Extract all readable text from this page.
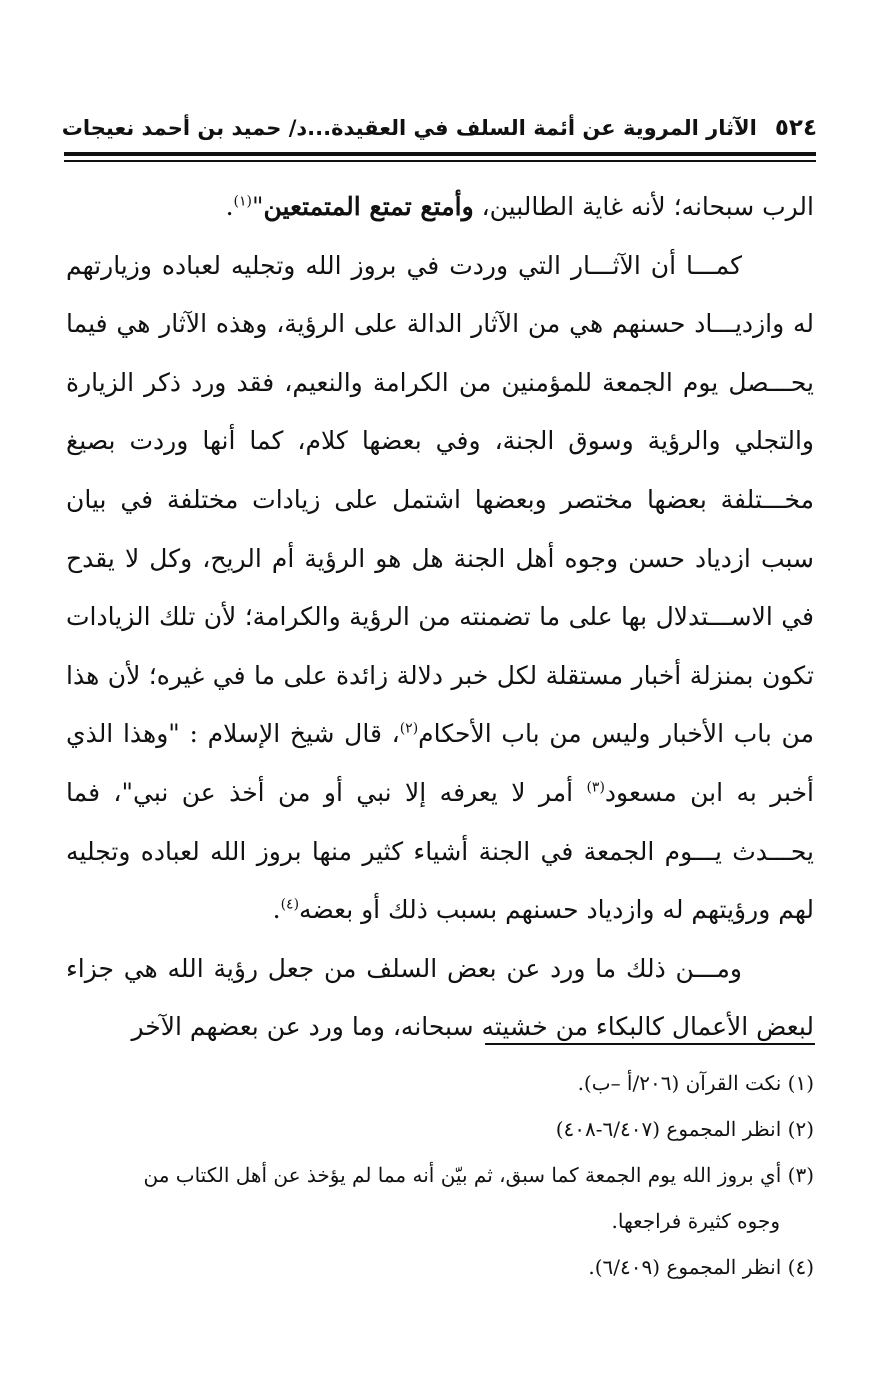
٥٢٤
الآثار المروية عن أئمة السلف في العقيدة...د/ حميد بن أحمد نعيجات

الرب سبحانه؛ لأنه غاية الطالبين، وأمتع تمتع المتمتعين"$^{(١)}$.

كمـــا أن الآثـــار التي وردت في بروز الله وتجليه لعباده وزيارتهم له وازديـــاد حسنهم هي من الآثار الدالة على الرؤية، وهذه الآثار هي فيما يحـــصل يوم الجمعة للمؤمنين من الكرامة والنعيم، فقد ورد ذكر الزيارة والتجلي والرؤية وسوق الجنة، وفي بعضها كلام، كما أنها وردت بصيغ مخـــتلفة بعضها مختصر وبعضها اشتمل على زيادات مختلفة في بيان سبب ازدياد حسن وجوه أهل الجنة هل هو الرؤية أم الريح، وكل لا يقدح في الاســـتدلال بها على ما تضمنته من الرؤية والكرامة؛ لأن تلك الزيادات تكون بمنزلة أخبار مستقلة لكل خبر دلالة زائدة على ما في غيره؛ لأن هذا من باب الأخبار وليس من باب الأحكام$^{(٢)}$، قال شيخ الإسلام : "وهذا الذي أخبر به ابن مسعود$^{(٣)}$ أمر لا يعرفه إلا نبي أو من أخذ عن نبي"، فما يحـــدث يـــوم الجمعة في الجنة أشياء كثير منها بروز الله لعباده وتجليه لهم ورؤيتهم له وازدياد حسنهم بسبب ذلك أو بعضه$^{(٤)}$.

ومـــن ذلك ما ورد عن بعض السلف من جعل رؤية الله هي جزاء لبعض الأعمال كالبكاء من خشيته سبحانه، وما ورد عن بعضهم الآخر

(١) نكت القرآن (٢٠٦/أ –ب).

(٢) انظر المجموع (٦/٤٠٧-٤٠٨)

(٣) أي بروز الله يوم الجمعة كما سبق، ثم بيّن أنه مما لم يؤخذ عن أهل الكتاب من
وجوه كثيرة فراجعها.

(٤) انظر المجموع (٦/٤٠٩).
